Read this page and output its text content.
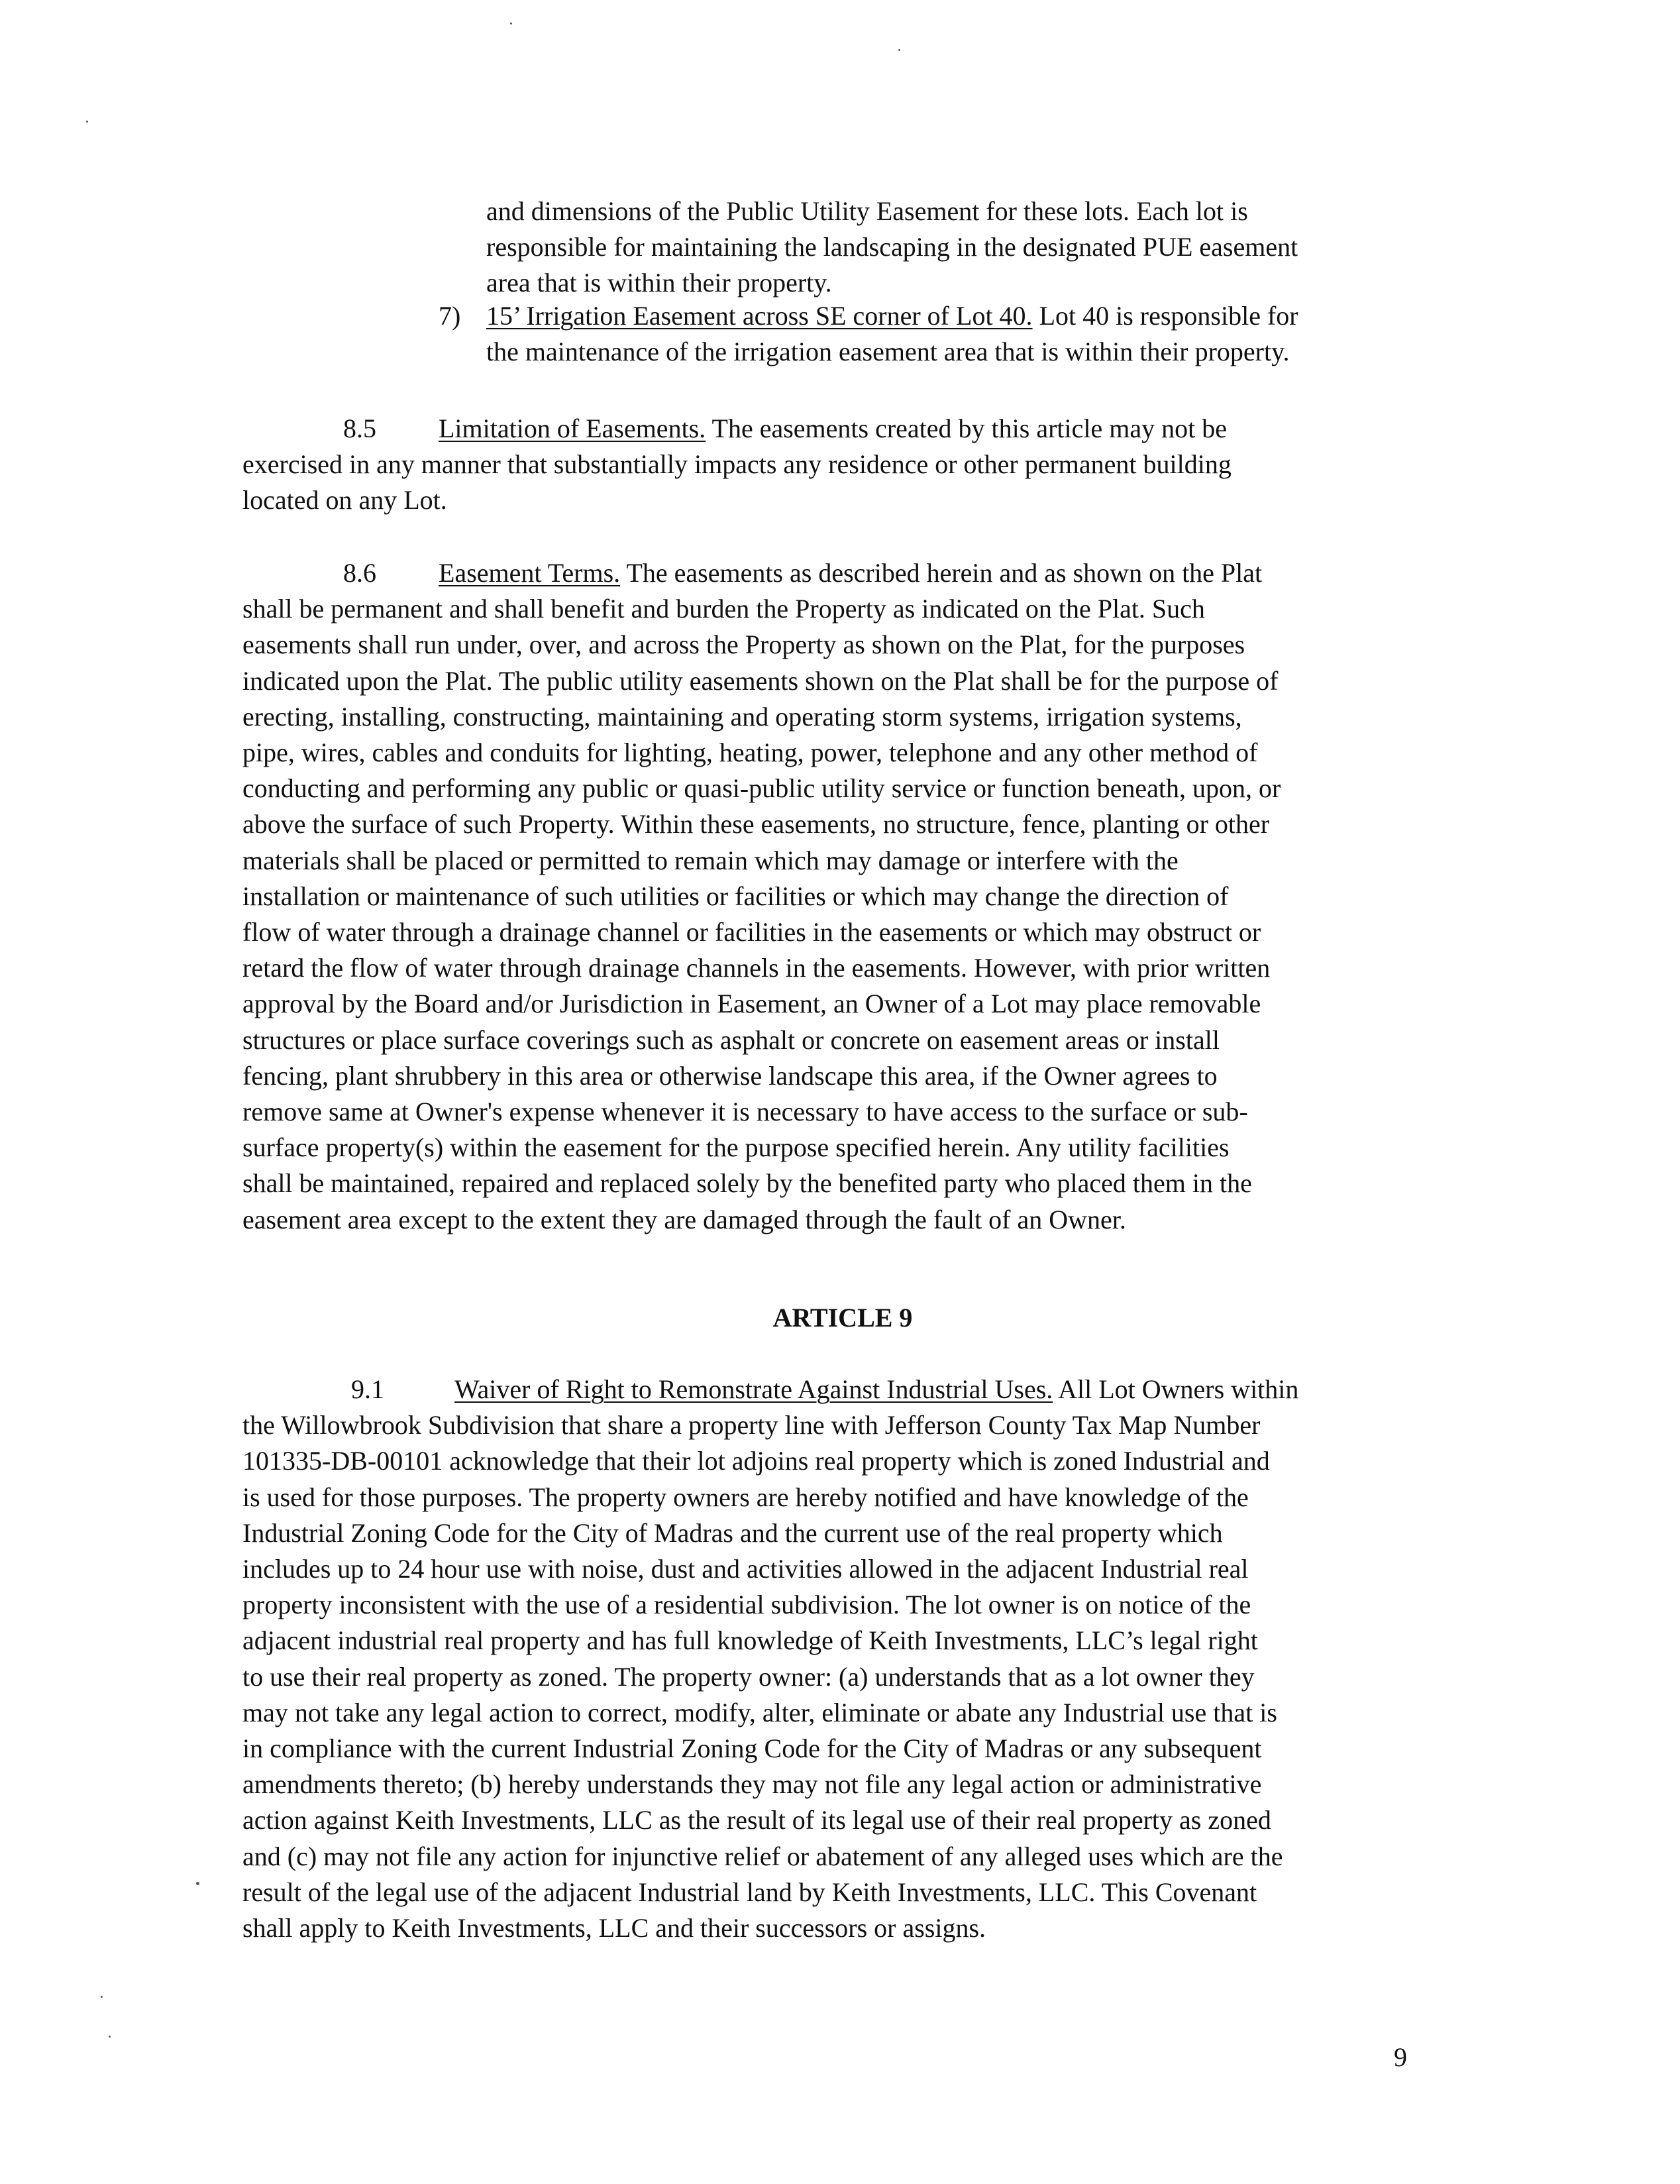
and dimensions of the Public Utility Easement for these lots. Each lot is
responsible for maintaining the landscaping in the designated PUE easement
area that is within their property.
7) 15’ Irrigation Easement across SE corner of Lot 40. Lot 40 is responsible for
the maintenance of the irrigation easement area that is within their property.
8.5 Limitation of Easements. The easements created by this article may not be
exercised in any manner that substantially impacts any residence or other permanent building
located on any Lot.
8.6 Easement Terms. The easements as described herein and as shown on the Plat
shall be permanent and shall benefit and burden the Property as indicated on the Plat. Such
easements shall run under, over, and across the Property as shown on the Plat, for the purposes
indicated upon the Plat. The public utility easements shown on the Plat shall be for the purpose of
erecting, installing, constructing, maintaining and operating storm systems, irrigation systems,
pipe, wires, cables and conduits for lighting, heating, power, telephone and any other method of
conducting and performing any public or quasi-public utility service or function beneath, upon, or
above the surface of such Property. Within these easements, no structure, fence, planting or other
materials shall be placed or permitted to remain which may damage or interfere with the
installation or maintenance of such utilities or facilities or which may change the direction of
flow of water through a drainage channel or facilities in the easements or which may obstruct or
retard the flow of water through drainage channels in the easements. However, with prior written
approval by the Board and/or Jurisdiction in Easement, an Owner of a Lot may place removable
structures or place surface coverings such as asphalt or concrete on easement areas or install
fencing, plant shrubbery in this area or otherwise landscape this area, if the Owner agrees to
remove same at Owner's expense whenever it is necessary to have access to the surface or sub-
surface property(s) within the easement for the purpose specified herein. Any utility facilities
shall be maintained, repaired and replaced solely by the benefited party who placed them in the
easement area except to the extent they are damaged through the fault of an Owner.
ARTICLE 9
9.1	Waiver of Right to Remonstrate Against Industrial Uses. All Lot Owners within
the Willowbrook Subdivision that share a property line with Jefferson County Tax Map Number
101335-DB-00101 acknowledge that their lot adjoins real property which is zoned Industrial and
is used for those purposes. The property owners are hereby notified and have knowledge of the
Industrial Zoning Code for the City of Madras and the current use of the real property which
includes up to 24 hour use with noise, dust and activities allowed in the adjacent Industrial real
property inconsistent with the use of a residential subdivision. The lot owner is on notice of the
adjacent industrial real property and has full knowledge of Keith Investments, LLC’s legal right
to use their real property as zoned. The property owner: (a) understands that as a lot owner they
may not take any legal action to correct, modify, alter, eliminate or abate any Industrial use that is
in compliance with the current Industrial Zoning Code for the City of Madras or any subsequent
amendments thereto; (b) hereby understands they may not file any legal action or administrative
action against Keith Investments, LLC as the result of its legal use of their real property as zoned
and (c) may not file any action for injunctive relief or abatement of any alleged uses which are the
result of the legal use of the adjacent Industrial land by Keith Investments, LLC. This Covenant
shall apply to Keith Investments, LLC and their successors or assigns.
9
